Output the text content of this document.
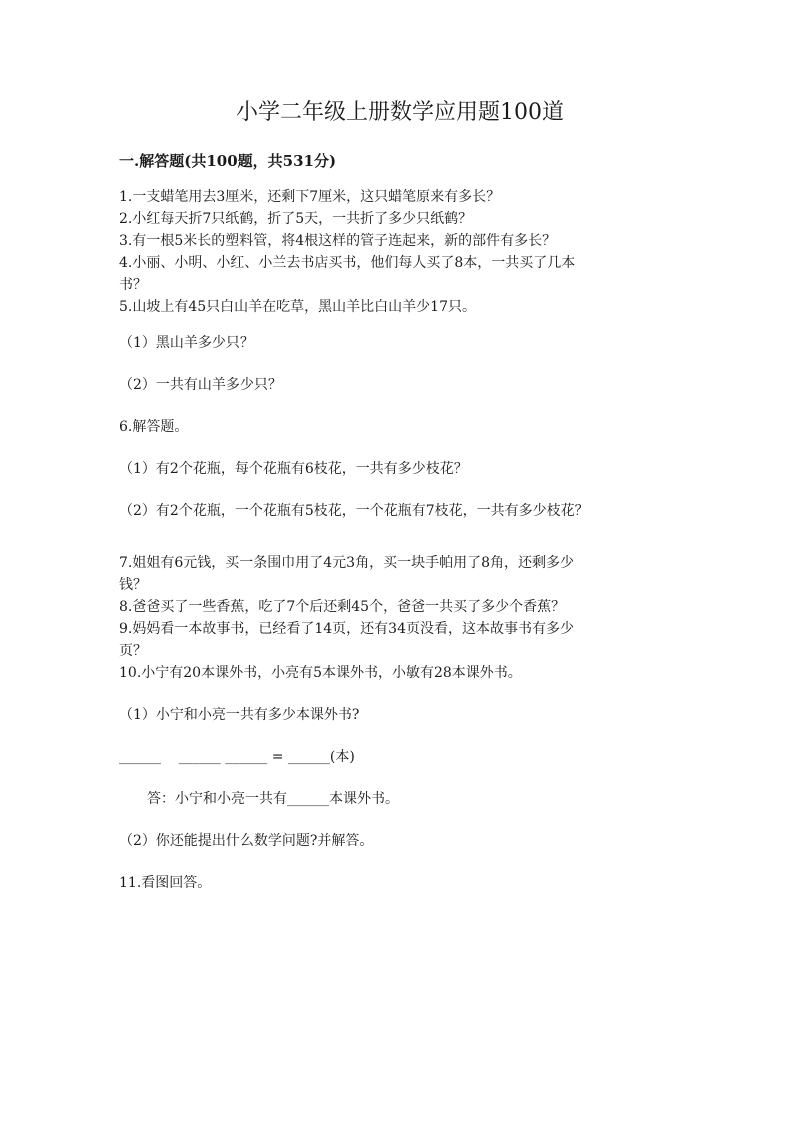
小学二年级上册数学应用题100道
一.解答题(共100题，共531分)

1.一支蜡笔用去3厘米，还剩下7厘米，这只蜡笔原来有多长？

2.小红每天折7只纸鹤，折了5天，一共折了多少只纸鹤？

3.有一根5米长的塑料管，将4根这样的管子连起来，新的部件有多长？

4.小丽、小明、小红、小兰去书店买书，他们每人买了8本，一共买了几本

书？

5.山坡上有45只白山羊在吃草，黑山羊比白山羊少17只。

（1）黑山羊多少只？

（2）一共有山羊多少只？

6.解答题。

（1）有2个花瓶，每个花瓶有6枝花，一共有多少枝花？

（2）有2个花瓶，一个花瓶有5枝花，一个花瓶有7枝花，一共有多少枝花？

7.姐姐有6元钱，买一条围巾用了4元3角，买一块手帕用了8角，还剩多少

钱？

8.爸爸买了一些香蕉，吃了7个后还剩45个，爸爸一共买了多少个香蕉？

9.妈妈看一本故事书，已经看了14页，还有34页没看，这本故事书有多少

页？

10.小宁有20本课外书，小亮有5本课外书，小敏有28本课外书。

（1）小宁和小亮一共有多少本课外书?

______    ______ ______ = ______(本)

答：小宁和小亮一共有______本课外书。

（2）你还能提出什么数学问题?并解答。

11.看图回答。
